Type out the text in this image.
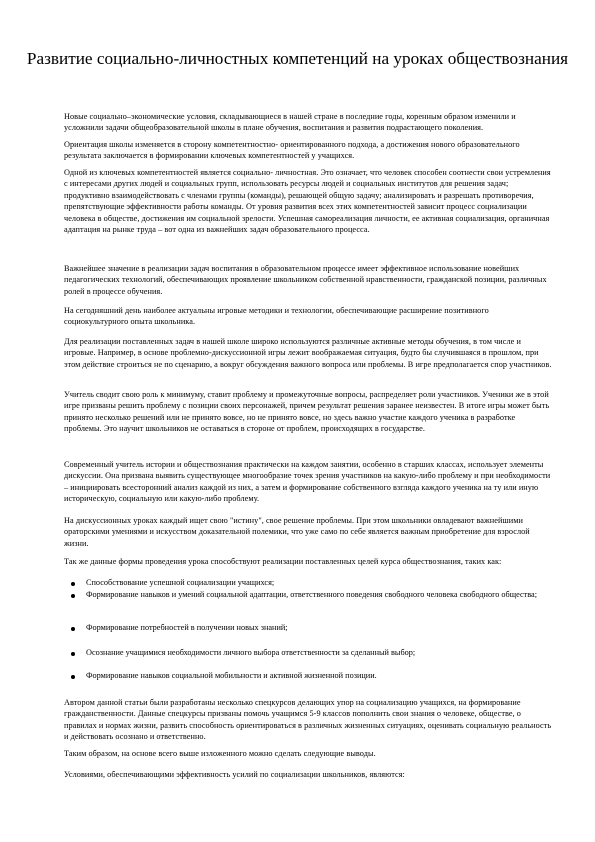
Развитие социально-личностных компетенций на уроках обществознания

Новые социально–экономические условия, складывающиеся в нашей стране в последние годы, коренным образом изменили и усложнили задачи общеобразовательной школы в плане обучения, воспитания и развития подрастающего поколения.

Ориентация школы изменяется в сторону компетентностно- ориентированного подхода, а достижения нового образовательного результата заключается в формировании ключевых компетентностей у учащихся.

Одной из ключевых компетентностей является социально- личностная. Это означает, что человек способен соотнести свои устремления с интересами других людей и социальных групп, использовать ресурсы людей и социальных институтов для решения задач; продуктивно взаимодействовать с членами группы (команды), решающей общую задачу; анализировать и разрешать противоречия, препятствующие эффективности работы команды. От уровня развития всех этих компетентностей зависит процесс социализации человека в обществе, достижения им социальной зрелости. Успешная самореализация личности, ее активная социализация, органичная адаптация на рынке труда – вот одна из важнейших задач образовательного процесса.

Важнейшее значение в реализации задач воспитания в образовательном процессе имеет эффективное использование новейших педагогических технологий, обеспечивающих проявление школьником собственной нравственности, гражданской позиции, различных ролей в процессе обучения.

На сегодняшний день наиболее актуальны игровые методики и технологии, обеспечивающие расширение позитивного социокультурного опыта школьника.

Для реализации поставленных задач в нашей школе широко используются различные активные методы обучения, в том числе и игровые. Например, в основе проблемно-дискуссионной игры лежит воображаемая ситуация, будто бы случившаяся в прошлом, при этом действие строиться не по сценарию, а вокруг обсуждения важного вопроса или проблемы. В игре предполагается спор участников.

Учитель сводит свою роль к минимуму, ставит проблему и промежуточные вопросы, распределяет роли участников. Ученики же в этой игре призваны решить проблему с позиции своих персонажей, причем результат решения заранее неизвестен. В итоге игры может быть принято несколько решений или не принято вовсе, но не принято вовсе, но здесь важно участие каждого ученика в разработке проблемы. Это научит школьников не оставаться в стороне от проблем, происходящих в государстве.

Современный учитель истории и обществознания практически на каждом занятии, особенно в старших классах, использует элементы дискуссии. Она призвана выявить существующее многообразие точек зрения участников на какую-либо проблему и при необходимости – инициировать всесторонний анализ каждой из них, а затем и формирование собственного взгляда каждого ученика на ту или иную историческую, социальную или какую-либо проблему.

На дискуссионных уроках каждый ищет свою "истину", свое решение проблемы. При этом школьники овладевают важнейшими ораторскими умениями и искусством доказательной полемики, что уже само по себе является важным приобретение для взрослой жизни.

Так же данные формы проведения урока способствуют реализации поставленных целей курса обществознания, таких как:

Способствование успешной социализации учащихся;

Формирование навыков и умений социальной адаптации, ответственного поведения свободного человека свободного общества;

Формирование потребностей в получении новых знаний;

Осознание учащимися необходимости личного выбора ответственности за сделанный выбор;

Формирование навыков социальной мобильности и активной жизненной позиции.

Автором данной статьи были разработаны несколько спецкурсов делающих упор на социализацию учащихся, на формирование гражданственности. Данные спецкурсы призваны помочь учащимся 5-9 классов пополнить свои знания о человеке, обществе, о правилах и нормах жизни, развить способность ориентироваться в различных жизненных ситуациях, оценивать социальную реальность и действовать осознано и ответственно.

Таким образом, на основе всего выше изложенного можно сделать следующие выводы.

Условиями, обеспечивающими эффективность усилий по социализации школьников, являются:
